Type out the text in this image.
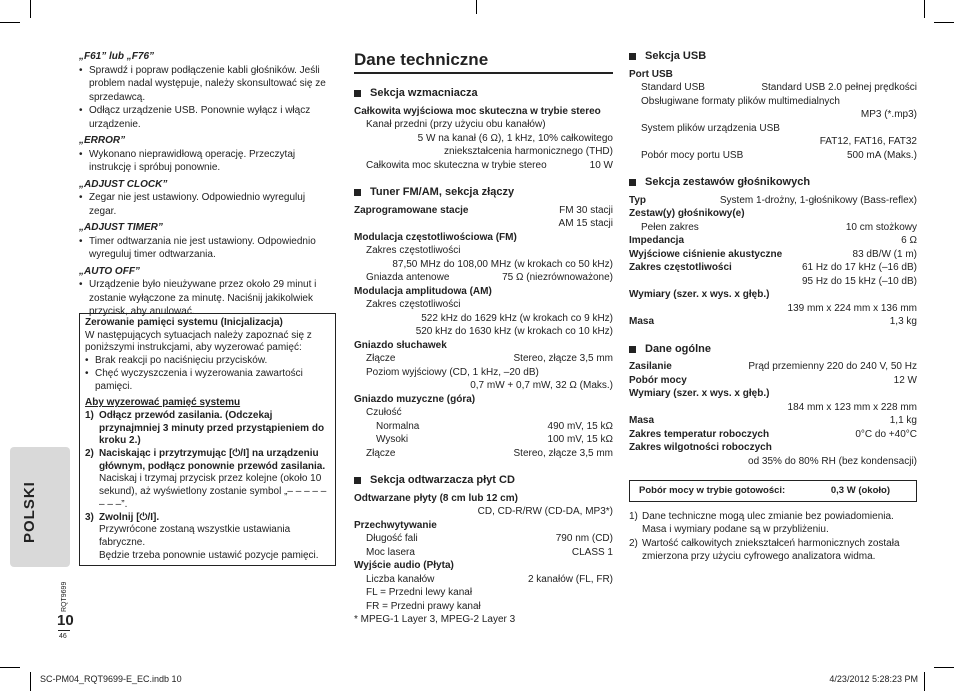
„F61” lub „F76”
• Sprawdź i popraw podłączenie kabli głośników. Jeśli problem nadal występuje, należy skonsultować się ze sprzedawcą.
• Odłącz urządzenie USB. Ponownie wyłącz i włącz urządzenie.
„ERROR”
• Wykonano nieprawidłową operację. Przeczytaj instrukcję i spróbuj ponownie.
„ADJUST CLOCK”
• Zegar nie jest ustawiony. Odpowiednio wyreguluj zegar.
„ADJUST TIMER”
• Timer odtwarzania nie jest ustawiony. Odpowiednio wyreguluj timer odtwarzania.
„AUTO OFF”
• Urządzenie było nieużywane przez około 29 minut i zostanie wyłączone za minutę. Naciśnij jakikolwiek przycisk, aby anulować.
Zerowanie pamięci systemu (Inicjalizacja)
W następujących sytuacjach należy zapoznać się z poniższymi instrukcjami, aby wyzerować pamięć:
• Brak reakcji po naciśnięciu przycisków.
• Chęć wyczyszczenia i wyzerowania zawartości pamięci.
Aby wyzerować pamięć systemu
1) Odłącz przewód zasilania. (Odczekaj przynajmniej 3 minuty przed przystąpieniem do kroku 2.)
2) Naciskając i przytrzymując [⏻/I] na urządzeniu głównym, podłącz ponownie przewód zasilania.
Naciskaj i trzymaj przycisk przez kolejne (około 10 sekund), aż wyświetlony zostanie symbol „– – – – – – – –”.
3) Zwolnij [⏻/I].
Przywrócone zostaną wszystkie ustawiania fabryczne.
Będzie trzeba ponownie ustawić pozycje pamięci.
POLSKI
RQT9699
10
46
Dane techniczne
Sekcja wzmacniacza
Całkowita wyjściowa moc skuteczna w trybie stereo
Kanał przedni (przy użyciu obu kanałów)
5 W na kanał (6 Ω), 1 kHz, 10% całkowitego
zniekształcenia harmonicznego (THD)
Całkowita moc skuteczna w trybie stereo	10 W
Tuner FM/AM, sekcja złączy
Zaprogramowane stacje	FM 30 stacji
AM 15 stacji
Modulacja częstotliwościowa (FM)
Zakres częstotliwości
87,50 MHz do 108,00 MHz (w krokach co 50 kHz)
Gniazda antenowe	75 Ω (niezrównoważone)
Modulacja amplitudowa (AM)
Zakres częstotliwości
522 kHz do 1629 kHz (w krokach co 9 kHz)
520 kHz do 1630 kHz (w krokach co 10 kHz)
Gniazdo słuchawek
Złącze	Stereo, złącze 3,5 mm
Poziom wyjściowy (CD, 1 kHz, –20 dB)
0,7 mW + 0,7 mW, 32 Ω (Maks.)
Gniazdo muzyczne (góra)
Czułość
Normalna	490 mV, 15 kΩ
Wysoki	100 mV, 15 kΩ
Złącze	Stereo, złącze 3,5 mm
Sekcja odtwarzacza płyt CD
Odtwarzane płyty (8 cm lub 12 cm)
CD, CD-R/RW (CD-DA, MP3*)
Przechwytywanie
Długość fali	790 nm (CD)
Moc lasera	CLASS 1
Wyjście audio (Płyta)
Liczba kanałów	2 kanałów (FL, FR)
FL = Przedni lewy kanał
FR = Przedni prawy kanał
* MPEG-1 Layer 3, MPEG-2 Layer 3
Sekcja USB
Port USB
Standard USB	Standard USB 2.0 pełnej prędkości
Obsługiwane formaty plików multimedialnych
MP3 (*.mp3)
System plików urządzenia USB
FAT12, FAT16, FAT32
Pobór mocy portu USB	500 mA (Maks.)
Sekcja zestawów głośnikowych
Typ	System 1-drożny, 1-głośnikowy (Bass-reflex)
Zestaw(y) głośnikowy(e)
Pełen zakres	10 cm stożkowy
Impedancja	6 Ω
Wyjściowe ciśnienie akustyczne	83 dB/W (1 m)
Zakres częstotliwości	61 Hz do 17 kHz (–16 dB)
95 Hz do 15 kHz (–10 dB)
Wymiary (szer. x wys. x głęb.)
139 mm x 224 mm x 136 mm
Masa	1,3 kg
Dane ogólne
Zasilanie	Prąd przemienny 220 do 240 V, 50 Hz
Pobór mocy	12 W
Wymiary (szer. x wys. x głęb.)
184 mm x 123 mm x 228 mm
Masa	1,1 kg
Zakres temperatur roboczych	0°C do +40°C
Zakres wilgotności roboczych
od 35% do 80% RH (bez kondensacji)
Pobór mocy w trybie gotowości:	0,3 W (około)
1) Dane techniczne mogą ulec zmianie bez powiadomienia.
Masa i wymiary podane są w przybliżeniu.
2) Wartość całkowitych zniekształceń harmonicznych została zmierzona przy użyciu cyfrowego analizatora widma.
SC-PM04_RQT9699-E_EC.indb 10	4/23/2012 5:28:23 PM
